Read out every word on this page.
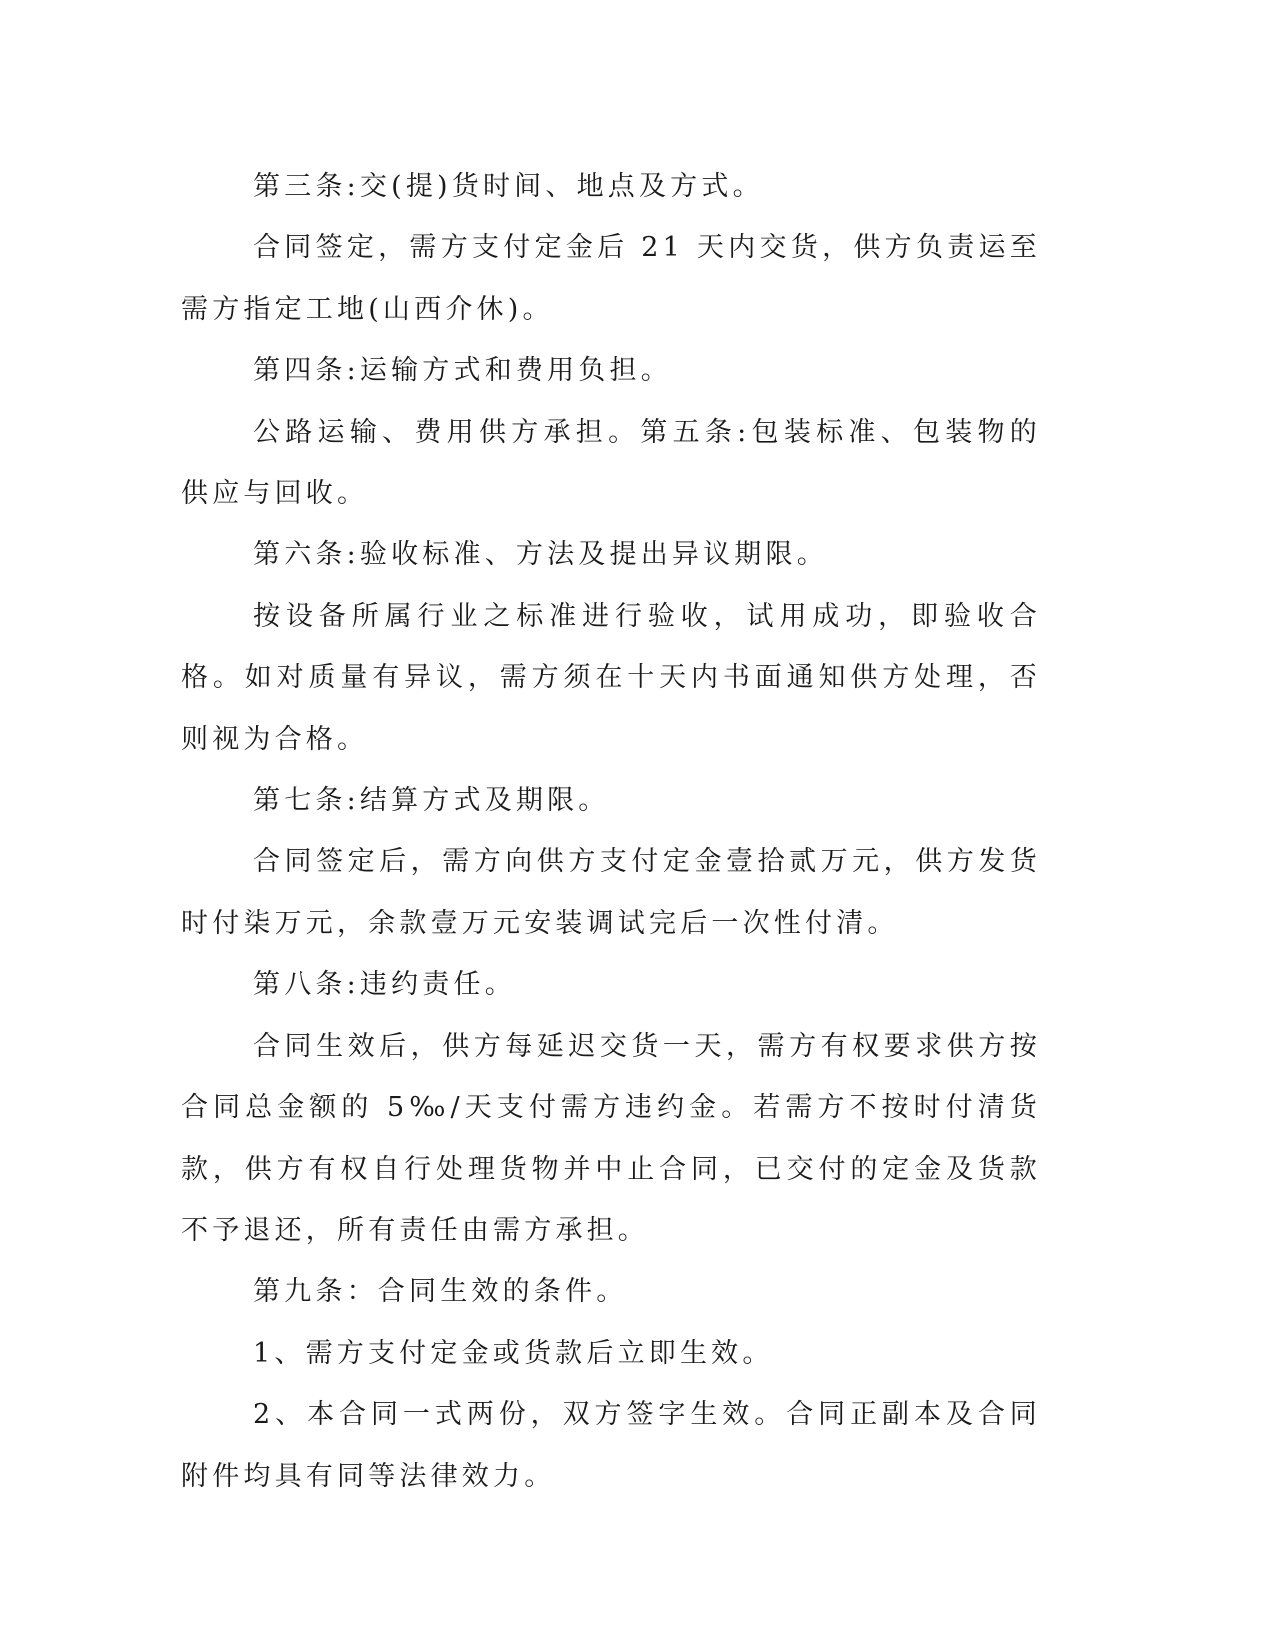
第三条:交(提)货时间、地点及方式。

合同签定，需方支付定金后 21 天内交货，供方负责运至需方指定工地(山西介休)。

第四条:运输方式和费用负担。

公路运输、费用供方承担。第五条:包装标准、包装物的供应与回收。

第六条:验收标准、方法及提出异议期限。

按设备所属行业之标准进行验收，试用成功，即验收合格。如对质量有异议，需方须在十天内书面通知供方处理，否则视为合格。

第七条:结算方式及期限。

合同签定后，需方向供方支付定金壹拾贰万元，供方发货时付柒万元，余款壹万元安装调试完后一次性付清。

第八条:违约责任。

合同生效后，供方每延迟交货一天，需方有权要求供方按合同总金额的 5‰/天支付需方违约金。若需方不按时付清货款，供方有权自行处理货物并中止合同，已交付的定金及货款不予退还，所有责任由需方承担。

第九条：合同生效的条件。

1、需方支付定金或货款后立即生效。

2、本合同一式两份，双方签字生效。合同正副本及合同附件均具有同等法律效力。
